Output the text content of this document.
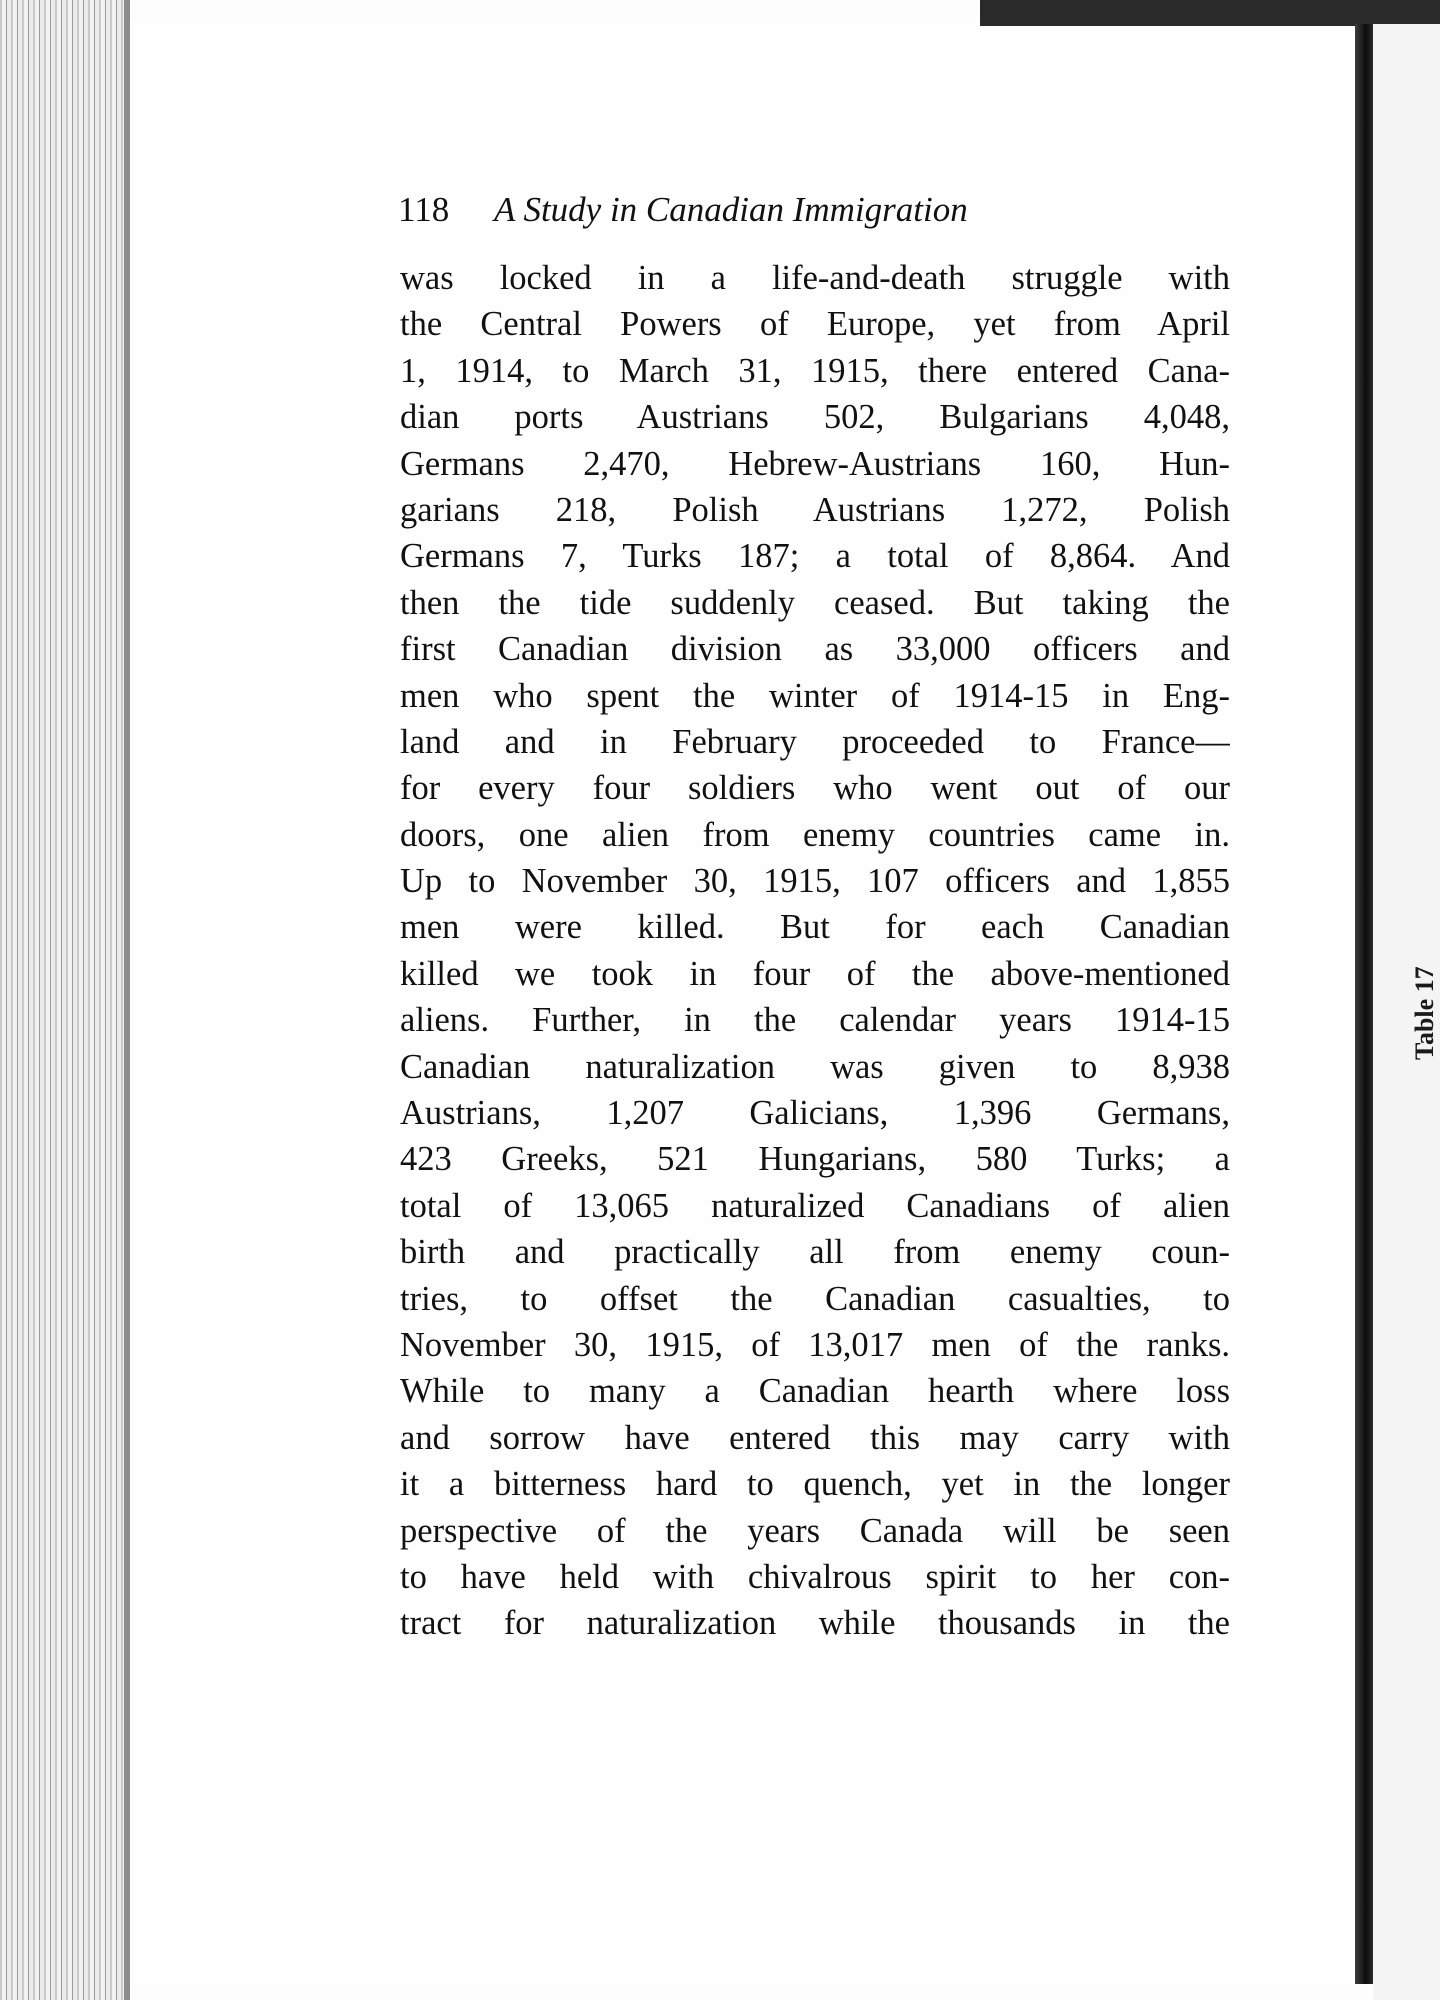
Table 17
118 A Study in Canadian Immigration
was locked in a life-and-death struggle with
the Central Powers of Europe, yet from April
1, 1914, to March 31, 1915, there entered Cana-
dian ports Austrians 502, Bulgarians 4,048,
Germans 2,470, Hebrew-Austrians 160, Hun-
garians 218, Polish Austrians 1,272, Polish
Germans 7, Turks 187; a total of 8,864. And
then the tide suddenly ceased. But taking the
first Canadian division as 33,000 officers and
men who spent the winter of 1914-15 in Eng-
land and in February proceeded to France—
for every four soldiers who went out of our
doors, one alien from enemy countries came in.
Up to November 30, 1915, 107 officers and 1,855
men were killed. But for each Canadian
killed we took in four of the above-mentioned
aliens. Further, in the calendar years 1914-15
Canadian naturalization was given to 8,938
Austrians, 1,207 Galicians, 1,396 Germans,
423 Greeks, 521 Hungarians, 580 Turks; a
total of 13,065 naturalized Canadians of alien
birth and practically all from enemy coun-
tries, to offset the Canadian casualties, to
November 30, 1915, of 13,017 men of the ranks.
While to many a Canadian hearth where loss
and sorrow have entered this may carry with
it a bitterness hard to quench, yet in the longer
perspective of the years Canada will be seen
to have held with chivalrous spirit to her con-
tract for naturalization while thousands in the
